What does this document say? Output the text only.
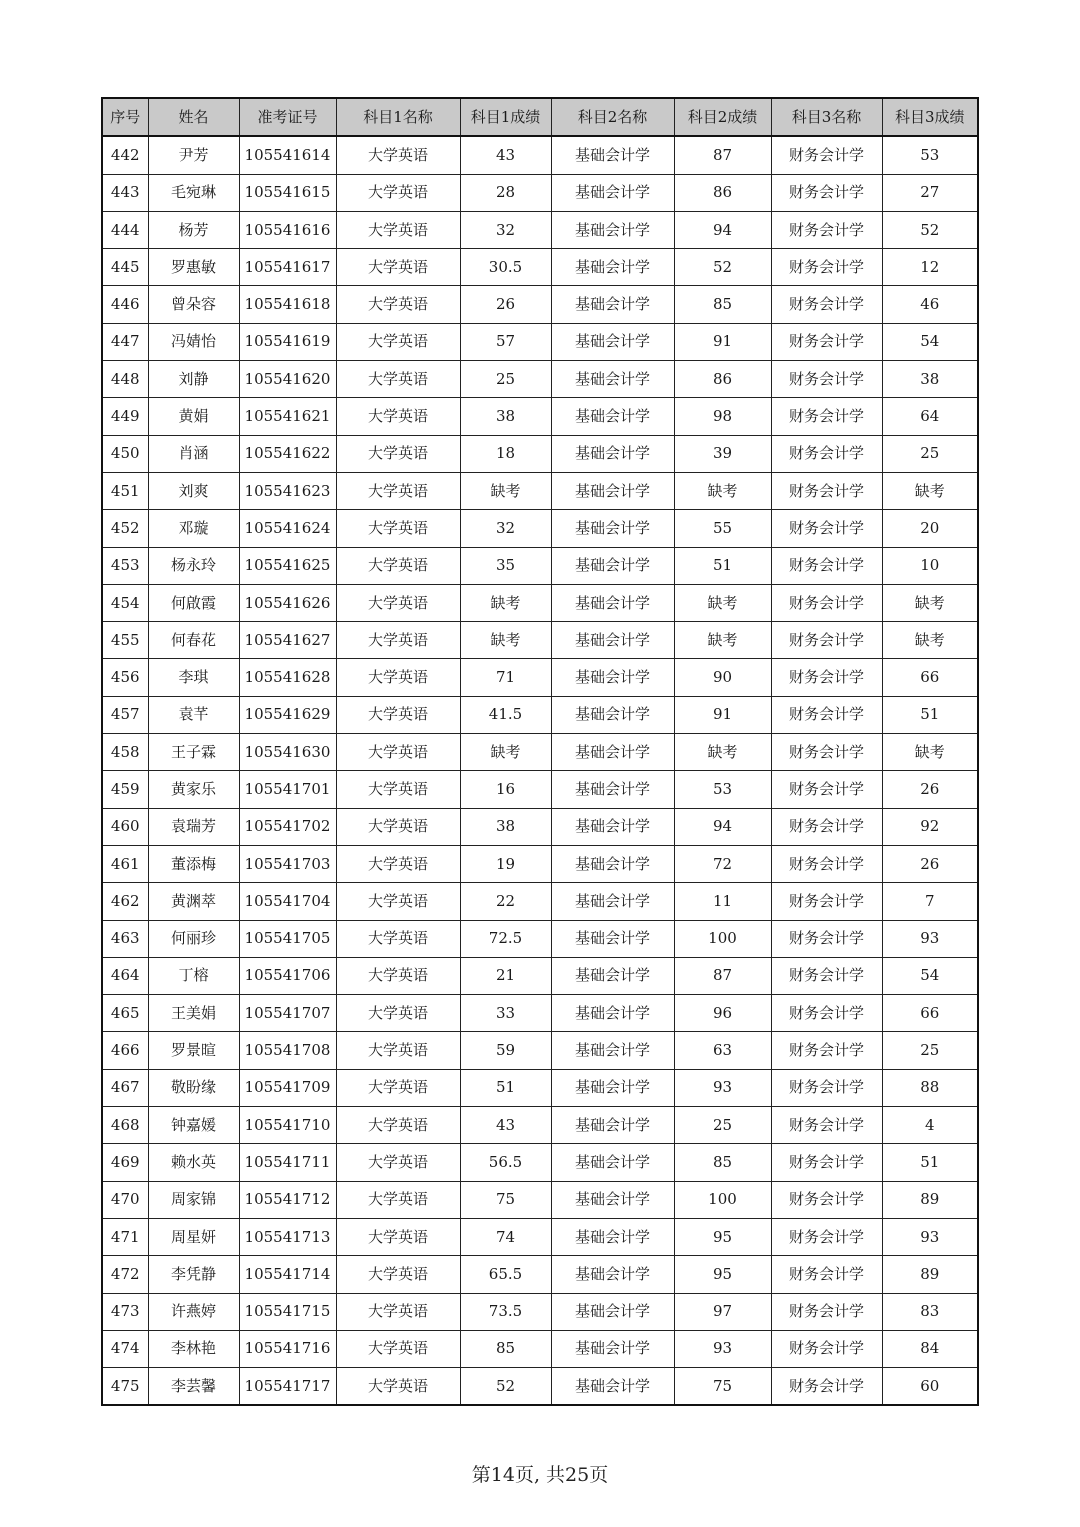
序号	姓名	准考证号	科目1名称	科目1成绩	科目2名称	科目2成绩	科目3名称	科目3成绩
442	尹芳	105541614	大学英语	43	基础会计学	87	财务会计学	53
443	毛宛琳	105541615	大学英语	28	基础会计学	86	财务会计学	27
444	杨芳	105541616	大学英语	32	基础会计学	94	财务会计学	52
445	罗惠敏	105541617	大学英语	30.5	基础会计学	52	财务会计学	12
446	曾朵容	105541618	大学英语	26	基础会计学	85	财务会计学	46
447	冯婧怡	105541619	大学英语	57	基础会计学	91	财务会计学	54
448	刘静	105541620	大学英语	25	基础会计学	86	财务会计学	38
449	黄娟	105541621	大学英语	38	基础会计学	98	财务会计学	64
450	肖涵	105541622	大学英语	18	基础会计学	39	财务会计学	25
451	刘爽	105541623	大学英语	缺考	基础会计学	缺考	财务会计学	缺考
452	邓璇	105541624	大学英语	32	基础会计学	55	财务会计学	20
453	杨永玲	105541625	大学英语	35	基础会计学	51	财务会计学	10
454	何啟霞	105541626	大学英语	缺考	基础会计学	缺考	财务会计学	缺考
455	何春花	105541627	大学英语	缺考	基础会计学	缺考	财务会计学	缺考
456	李琪	105541628	大学英语	71	基础会计学	90	财务会计学	66
457	袁芊	105541629	大学英语	41.5	基础会计学	91	财务会计学	51
458	王子霖	105541630	大学英语	缺考	基础会计学	缺考	财务会计学	缺考
459	黄家乐	105541701	大学英语	16	基础会计学	53	财务会计学	26
460	袁瑞芳	105541702	大学英语	38	基础会计学	94	财务会计学	92
461	董添梅	105541703	大学英语	19	基础会计学	72	财务会计学	26
462	黄渊萃	105541704	大学英语	22	基础会计学	11	财务会计学	7
463	何丽珍	105541705	大学英语	72.5	基础会计学	100	财务会计学	93
464	丁榕	105541706	大学英语	21	基础会计学	87	财务会计学	54
465	王美娟	105541707	大学英语	33	基础会计学	96	财务会计学	66
466	罗景暄	105541708	大学英语	59	基础会计学	63	财务会计学	25
467	敬盼缘	105541709	大学英语	51	基础会计学	93	财务会计学	88
468	钟嘉媛	105541710	大学英语	43	基础会计学	25	财务会计学	4
469	赖水英	105541711	大学英语	56.5	基础会计学	85	财务会计学	51
470	周家锦	105541712	大学英语	75	基础会计学	100	财务会计学	89
471	周星妍	105541713	大学英语	74	基础会计学	95	财务会计学	93
472	李凭静	105541714	大学英语	65.5	基础会计学	95	财务会计学	89
473	许燕婷	105541715	大学英语	73.5	基础会计学	97	财务会计学	83
474	李林艳	105541716	大学英语	85	基础会计学	93	财务会计学	84
475	李芸馨	105541717	大学英语	52	基础会计学	75	财务会计学	60
第14页, 共25页
